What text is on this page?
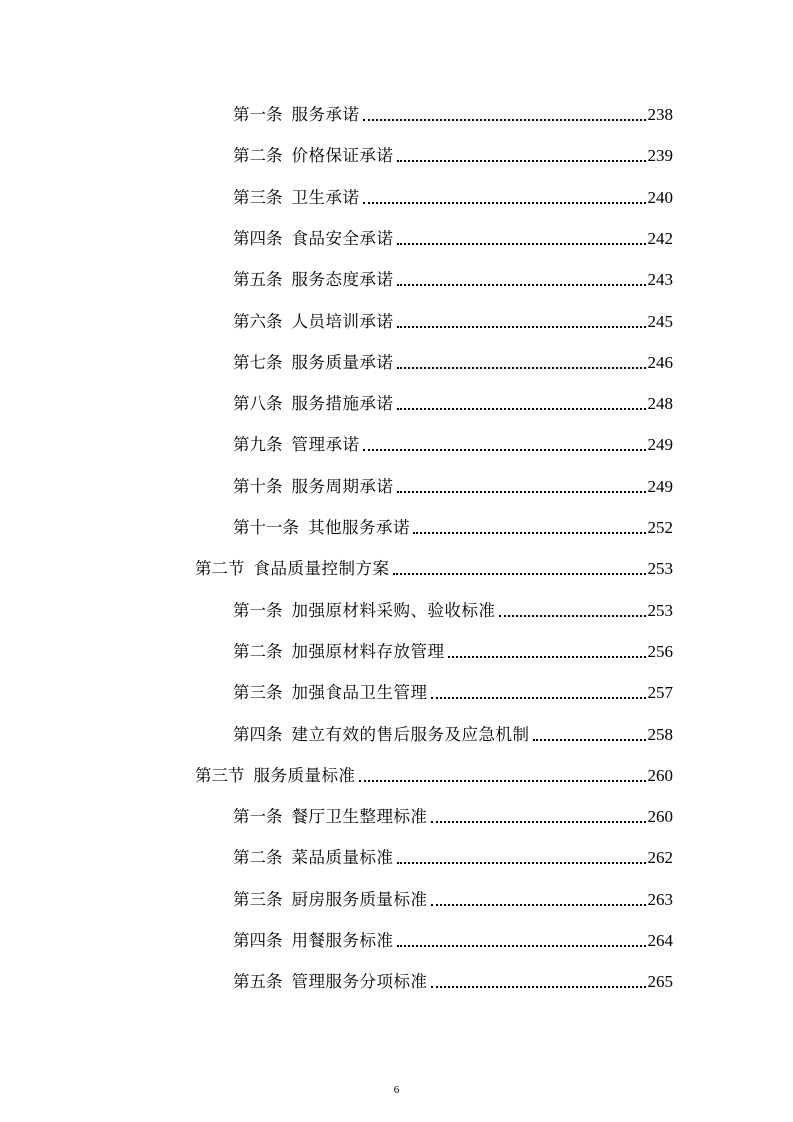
第一条 服务承诺	238
第二条 价格保证承诺	239
第三条 卫生承诺	240
第四条 食品安全承诺	242
第五条 服务态度承诺	243
第六条 人员培训承诺	245
第七条 服务质量承诺	246
第八条 服务措施承诺	248
第九条 管理承诺	249
第十条 服务周期承诺	249
第十一条 其他服务承诺	252
第二节 食品质量控制方案	253
第一条 加强原材料采购、验收标准	253
第二条 加强原材料存放管理	256
第三条 加强食品卫生管理	257
第四条 建立有效的售后服务及应急机制	258
第三节 服务质量标准	260
第一条 餐厅卫生整理标准	260
第二条 菜品质量标准	262
第三条 厨房服务质量标准	263
第四条 用餐服务标准	264
第五条 管理服务分项标准	265
6
